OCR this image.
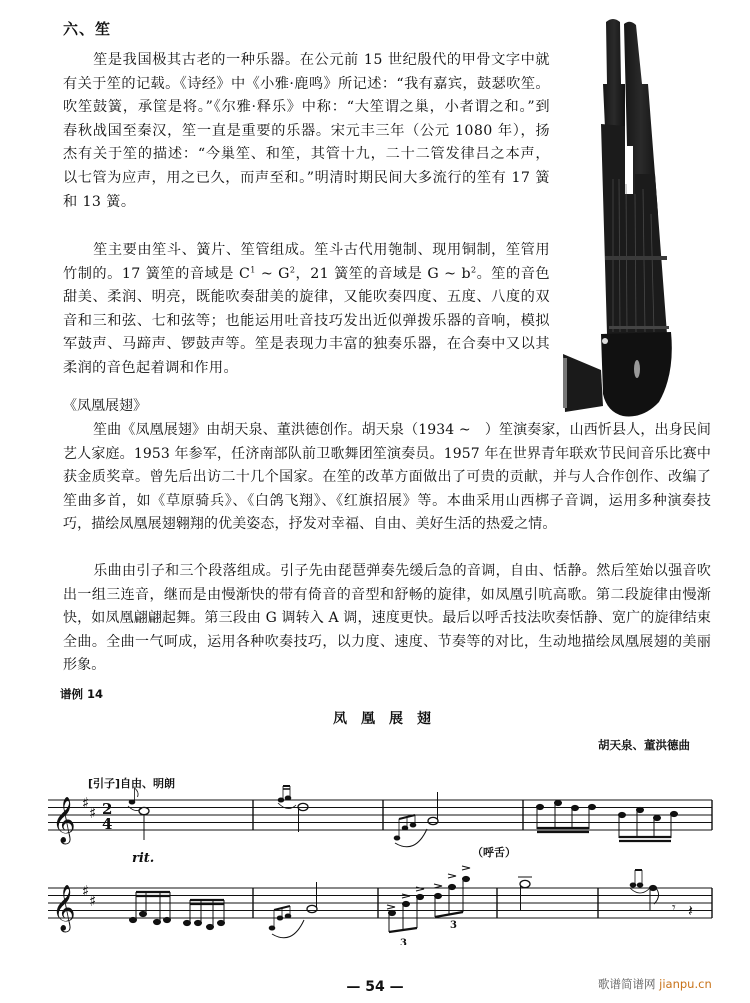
六、笙

笙是我国极其古老的一种乐器。在公元前 15 世纪殷代的甲骨文字中就有关于笙的记载。《诗经》中《小雅·鹿鸣》所记述：“我有嘉宾，鼓瑟吹笙。吹笙鼓簧，承筐是将。”《尔雅·释乐》中称：“大笙谓之巢，小者谓之和。”到春秋战国至秦汉，笙一直是重要的乐器。宋元丰三年（公元 1080 年），扬杰有关于笙的描述：“今巢笙、和笙，其管十九，二十二管发律吕之本声，以七管为应声，用之已久，而声至和。”明清时期民间大多流行的笙有 17 簧和 13 簧。

笙主要由笙斗、簧片、笙管组成。笙斗古代用匏制、现用铜制，笙管用竹制的。17 簧笙的音域是 $C^1$ ~ $G^2$，21 簧笙的音域是 G ~ $b^2$。笙的音色甜美、柔润、明亮，既能吹奏甜美的旋律，又能吹奏四度、五度、八度的双音和三和弦、七和弦等；也能运用吐音技巧发出近似弹拨乐器的音响，模拟军鼓声、马蹄声、锣鼓声等。笙是表现力丰富的独奏乐器，在合奏中又以其柔润的音色起着调和作用。

《凤凰展翅》

笙曲《凤凰展翅》由胡天泉、董洪德创作。胡天泉（1934 ~　）笙演奏家，山西忻县人，出身民间艺人家庭。1953 年参军，任济南部队前卫歌舞团笙演奏员。1957 年在世界青年联欢节民间音乐比赛中获金质奖章。曾先后出访二十几个国家。在笙的改革方面做出了可贵的贡献，并与人合作创作、改编了笙曲多首，如《草原骑兵》、《白鸽飞翔》、《红旗招展》等。本曲采用山西梆子音调，运用多种演奏技巧，描绘凤凰展翅翱翔的优美姿态，抒发对幸福、自由、美好生活的热爱之情。

乐曲由引子和三个段落组成。引子先由琵琶弹奏先缓后急的音调，自由、恬静。然后笙始以强音吹出一组三连音，继而是由慢渐快的带有倚音的音型和舒畅的旋律，如凤凰引吭高歌。第二段旋律由慢渐快，如凤凰翩翩起舞。第三段由 G 调转入 A 调，速度更快。最后以呼舌技法吹奏恬静、宽广的旋律结束全曲。全曲一气呵成，运用各种吹奏技巧，以力度、速度、节奏等的对比，生动地描绘凤凰展翅的美丽形象。

谱例 14
凤凰展翅
胡天泉、董洪德曲
[引子]自由、明朗
rit.	（呼舌）
𝄞
𝄞
♯
♯
♯
♯
2
4
3
3
𝄾 𝄽
— 54 —	歌谱简谱网 jianpu.cn
